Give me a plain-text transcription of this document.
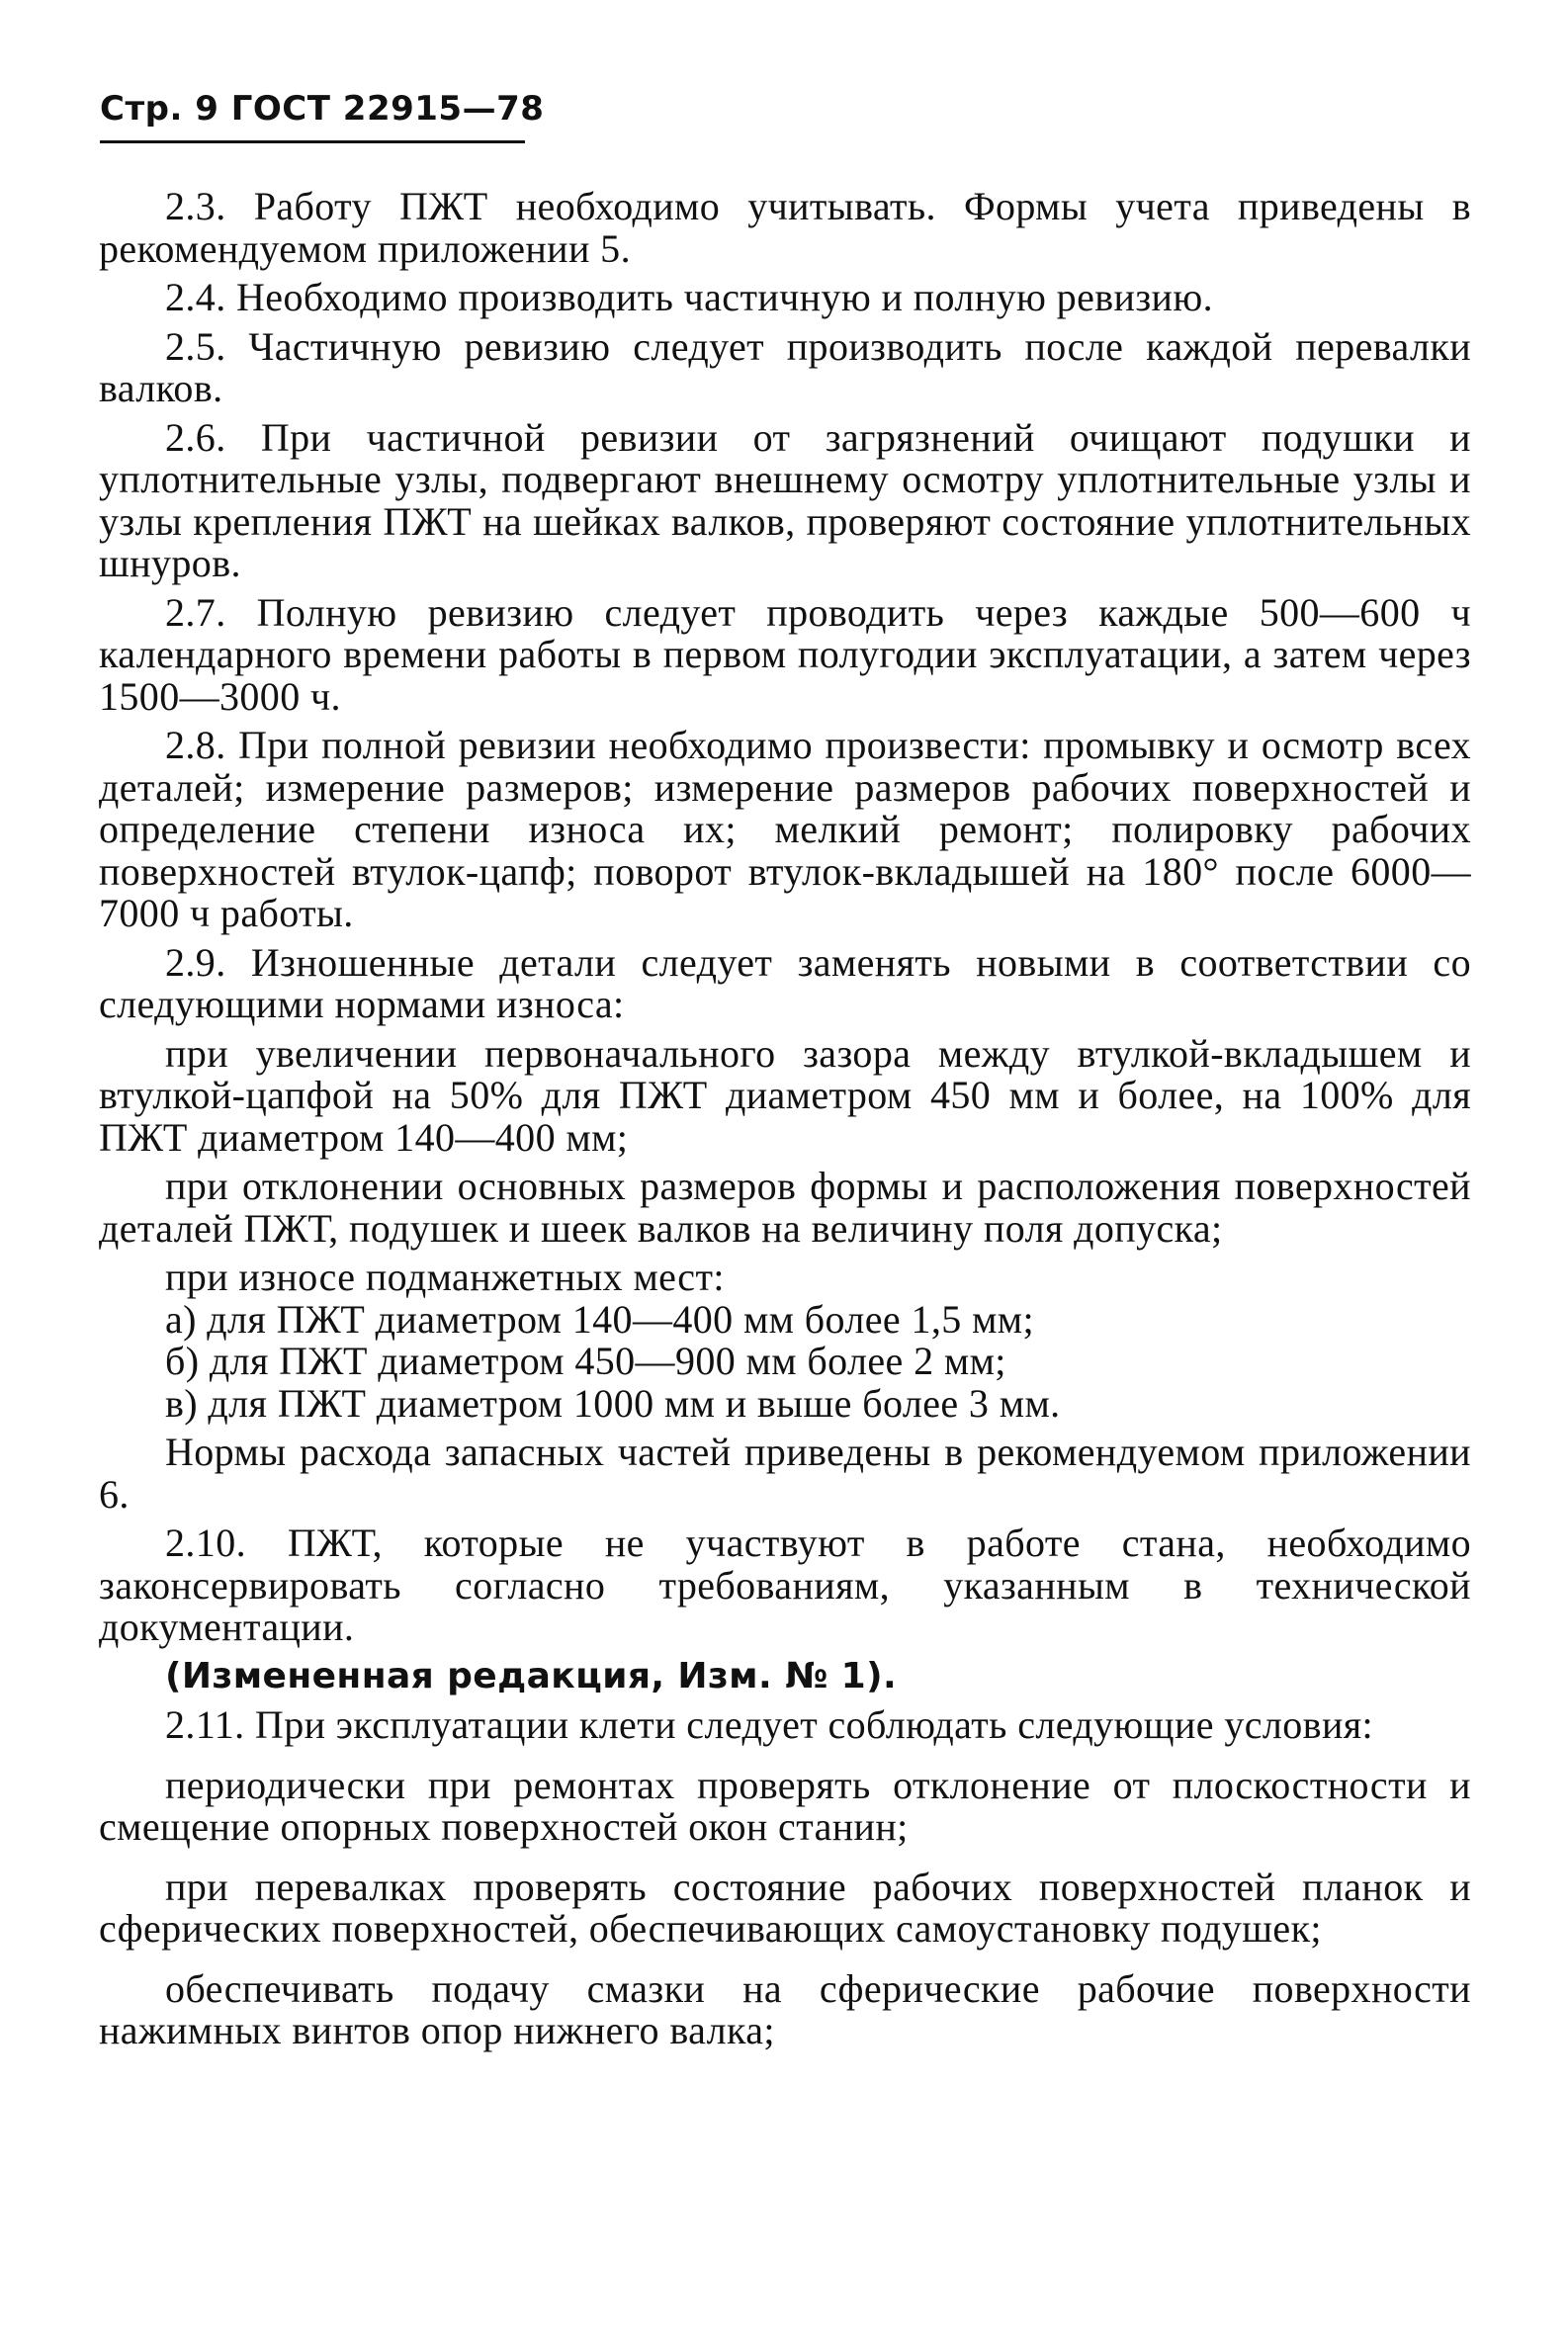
Стр. 9 ГОСТ 22915—78

2.3. Работу ПЖТ необходимо учитывать. Формы учета приведены в рекомендуемом приложении 5.

2.4. Необходимо производить частичную и полную ревизию.

2.5. Частичную ревизию следует производить после каждой перевалки валков.

2.6. При частичной ревизии от загрязнений очищают подушки и уплотнительные узлы, подвергают внешнему осмотру уплотнительные узлы и узлы крепления ПЖТ на шейках валков, проверяют состояние уплотнительных шнуров.

2.7. Полную ревизию следует проводить через каждые 500—600 ч календарного времени работы в первом полугодии эксплуатации, а затем через 1500—3000 ч.

2.8. При полной ревизии необходимо произвести: промывку и осмотр всех деталей; измерение размеров; измерение размеров рабочих поверхностей и определение степени износа их; мелкий ремонт; полировку рабочих поверхностей втулок-цапф; поворот втулок-вкладышей на 180° после 6000—7000 ч работы.

2.9. Изношенные детали следует заменять новыми в соответствии со следующими нормами износа:

при увеличении первоначального зазора между втулкой-вкладышем и втулкой-цапфой на 50% для ПЖТ диаметром 450 мм и более, на 100% для ПЖТ диаметром 140—400 мм;

при отклонении основных размеров формы и расположения поверхностей деталей ПЖТ, подушек и шеек валков на величину поля допуска;

при износе подманжетных мест:

а) для ПЖТ диаметром 140—400 мм более 1,5 мм;

б) для ПЖТ диаметром 450—900 мм более 2 мм;

в) для ПЖТ диаметром 1000 мм и выше более 3 мм.

Нормы расхода запасных частей приведены в рекомендуемом приложении 6.

2.10. ПЖТ, которые не участвуют в работе стана, необходимо законсервировать согласно требованиям, указанным в технической документации.

(Измененная редакция, Изм. № 1).

2.11. При эксплуатации клети следует соблюдать следующие условия:

периодически при ремонтах проверять отклонение от плоскостности и смещение опорных поверхностей окон станин;

при перевалках проверять состояние рабочих поверхностей планок и сферических поверхностей, обеспечивающих самоустановку подушек;

обеспечивать подачу смазки на сферические рабочие поверхности нажимных винтов опор нижнего валка;
